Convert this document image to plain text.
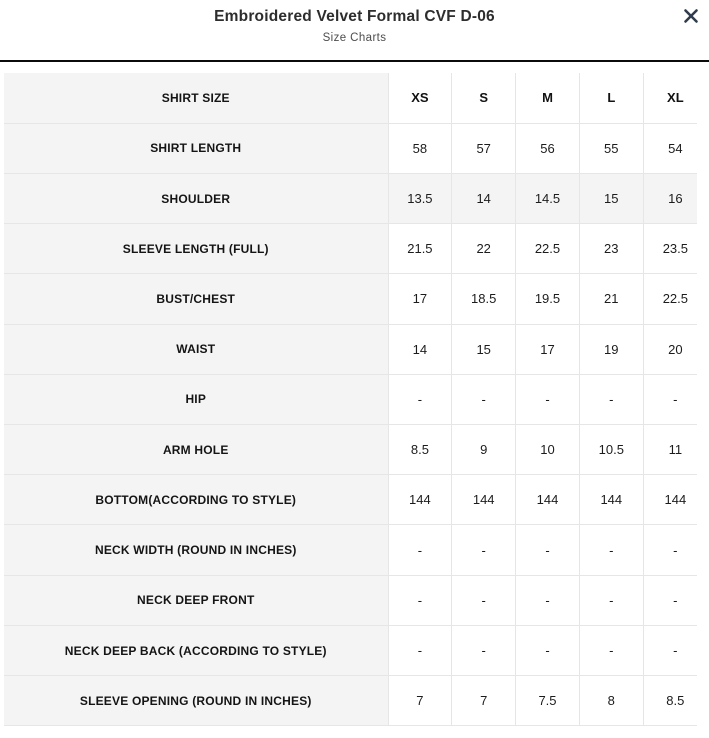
Embroidered Velvet Formal CVF D-06

Size Charts

SHIRT SIZE	XS	S	M	L	XL
SHIRT LENGTH	58	57	56	55	54
SHOULDER	13.5	14	14.5	15	16
SLEEVE LENGTH (FULL)	21.5	22	22.5	23	23.5
BUST/CHEST	17	18.5	19.5	21	22.5
WAIST	14	15	17	19	20
HIP	-	-	-	-	-
ARM HOLE	8.5	9	10	10.5	11
BOTTOM(ACCORDING TO STYLE)	144	144	144	144	144
NECK WIDTH (ROUND IN INCHES)	-	-	-	-	-
NECK DEEP FRONT	-	-	-	-	-
NECK DEEP BACK (ACCORDING TO STYLE)	-	-	-	-	-
SLEEVE OPENING (ROUND IN INCHES)	7	7	7.5	8	8.5
